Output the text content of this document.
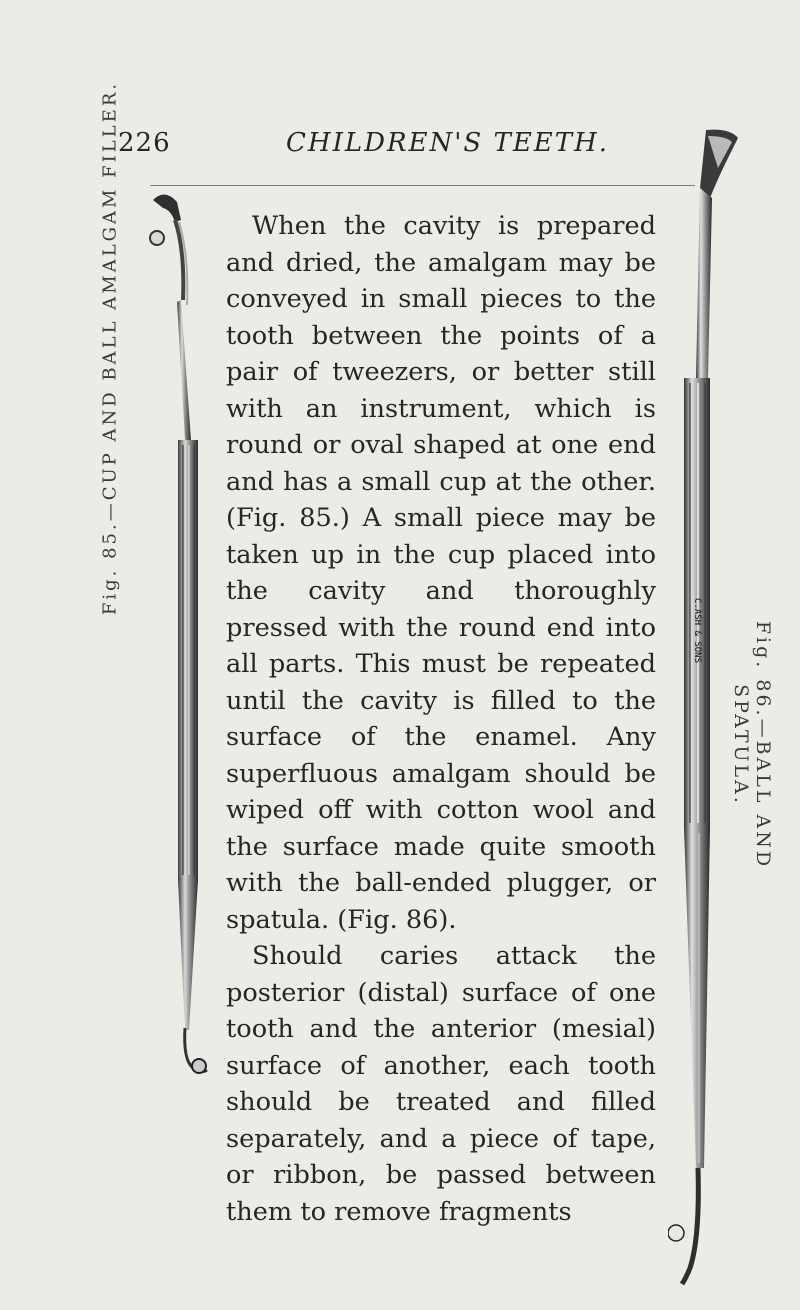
226	CHILDREN'S TEETH.
Fig. 85.—CUP AND BALL AMALGAM FILLER.	When the cavity is prepared and dried, the amalgam may be conveyed in small pieces to the tooth between the points of a pair of tweezers, or better still with an instrument, which is round or oval shaped at one end and has a small cup at the other. (Fig. 85.) A small piece may be taken up in the cup placed into the cavity and thoroughly pressed with the round end into all parts. This must be repeated until the cavity is filled to the surface of the enamel. Any superfluous amalgam should be wiped off with cotton wool and the surface made quite smooth with the ball-ended plugger, or spatula. (Fig. 86).

Should caries attack the posterior (distal) surface of one tooth and the anterior (mesial) surface of another, each tooth should be treated and filled separately, and a piece of tape, or ribbon, be passed between them to remove fragments

C.ASH & SONS	Fig. 86.—BALL AND SPATULA.
